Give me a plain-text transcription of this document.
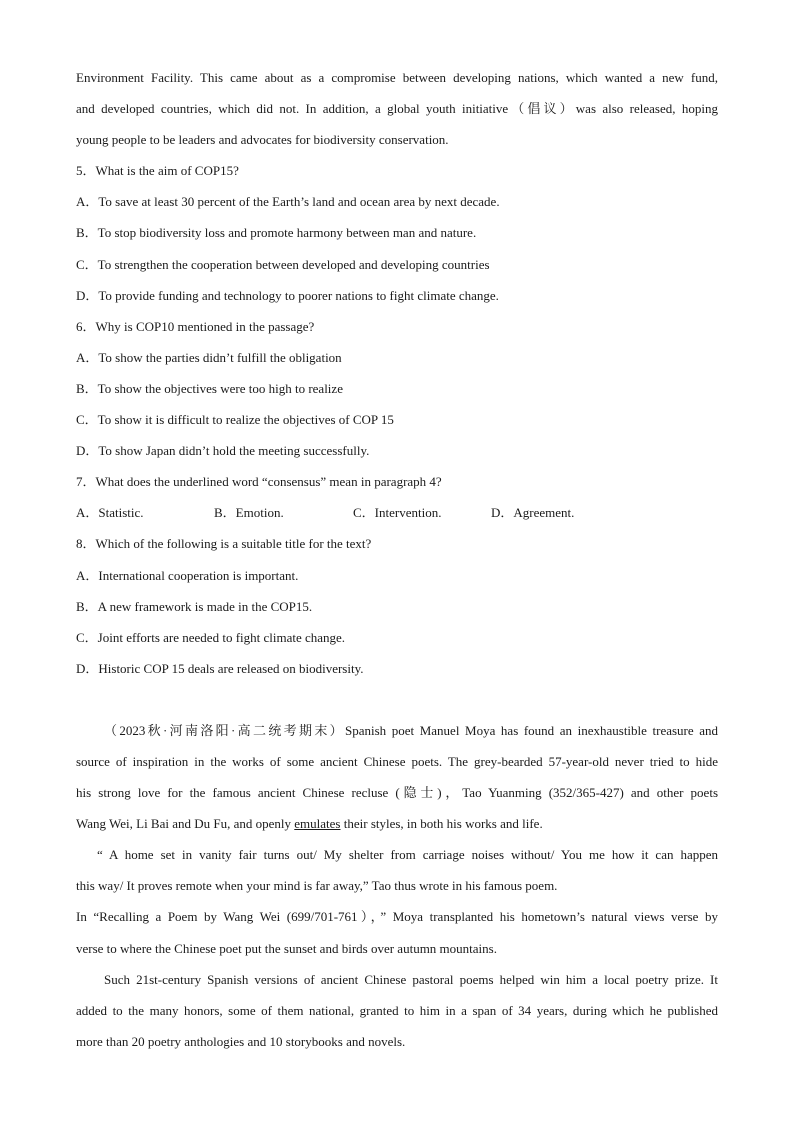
Environment Facility. This came about as a compromise between developing nations, which wanted a new fund,
and developed countries, which did not. In addition, a global youth initiative（倡议）was also released, hoping
young people to be leaders and advocates for biodiversity conservation.
5．What is the aim of COP15?
A．To save at least 30 percent of the Earth’s land and ocean area by next decade.
B．To stop biodiversity loss and promote harmony between man and nature.
C．To strengthen the cooperation between developed and developing countries
D．To provide funding and technology to poorer nations to fight climate change.
6．Why is COP10 mentioned in the passage?
A．To show the parties didn’t fulfill the obligation
B．To show the objectives were too high to realize
C．To show it is difficult to realize the objectives of COP 15
D．To show Japan didn’t hold the meeting successfully.
7．What does the underlined word “consensus” mean in paragraph 4?
A．Statistic.	B．Emotion.	C．Intervention.	D．Agreement.
8．Which of the following is a suitable title for the text?
A．International cooperation is important.
B．A new framework is made in the COP15.
C．Joint efforts are needed to fight climate change.
D．Historic COP 15 deals are released on biodiversity.
（2023秋·河南洛阳·高二统考期末）Spanish poet Manuel Moya has found an inexhaustible treasure and
source of inspiration in the works of some ancient Chinese poets. The grey-bearded 57-year-old never tried to hide
his strong love for the famous ancient Chinese recluse (隐士)，Tao Yuanming (352/365-427) and other poets
Wang Wei, Li Bai and Du Fu, and openly emulates their styles, in both his works and life.
“ A home set in vanity fair turns out/ My shelter from carriage noises without/ You me how it can happen
this way/ It proves remote when your mind is far away,” Tao thus wrote in his famous poem.
In “Recalling a Poem by Wang Wei (699/701-761），” Moya transplanted his hometown’s natural views verse by
verse to where the Chinese poet put the sunset and birds over autumn mountains.
Such 21st-century Spanish versions of ancient Chinese pastoral poems helped win him a local poetry prize. It
added to the many honors, some of them national, granted to him in a span of 34 years, during which he published
more than 20 poetry anthologies and 10 storybooks and novels.
